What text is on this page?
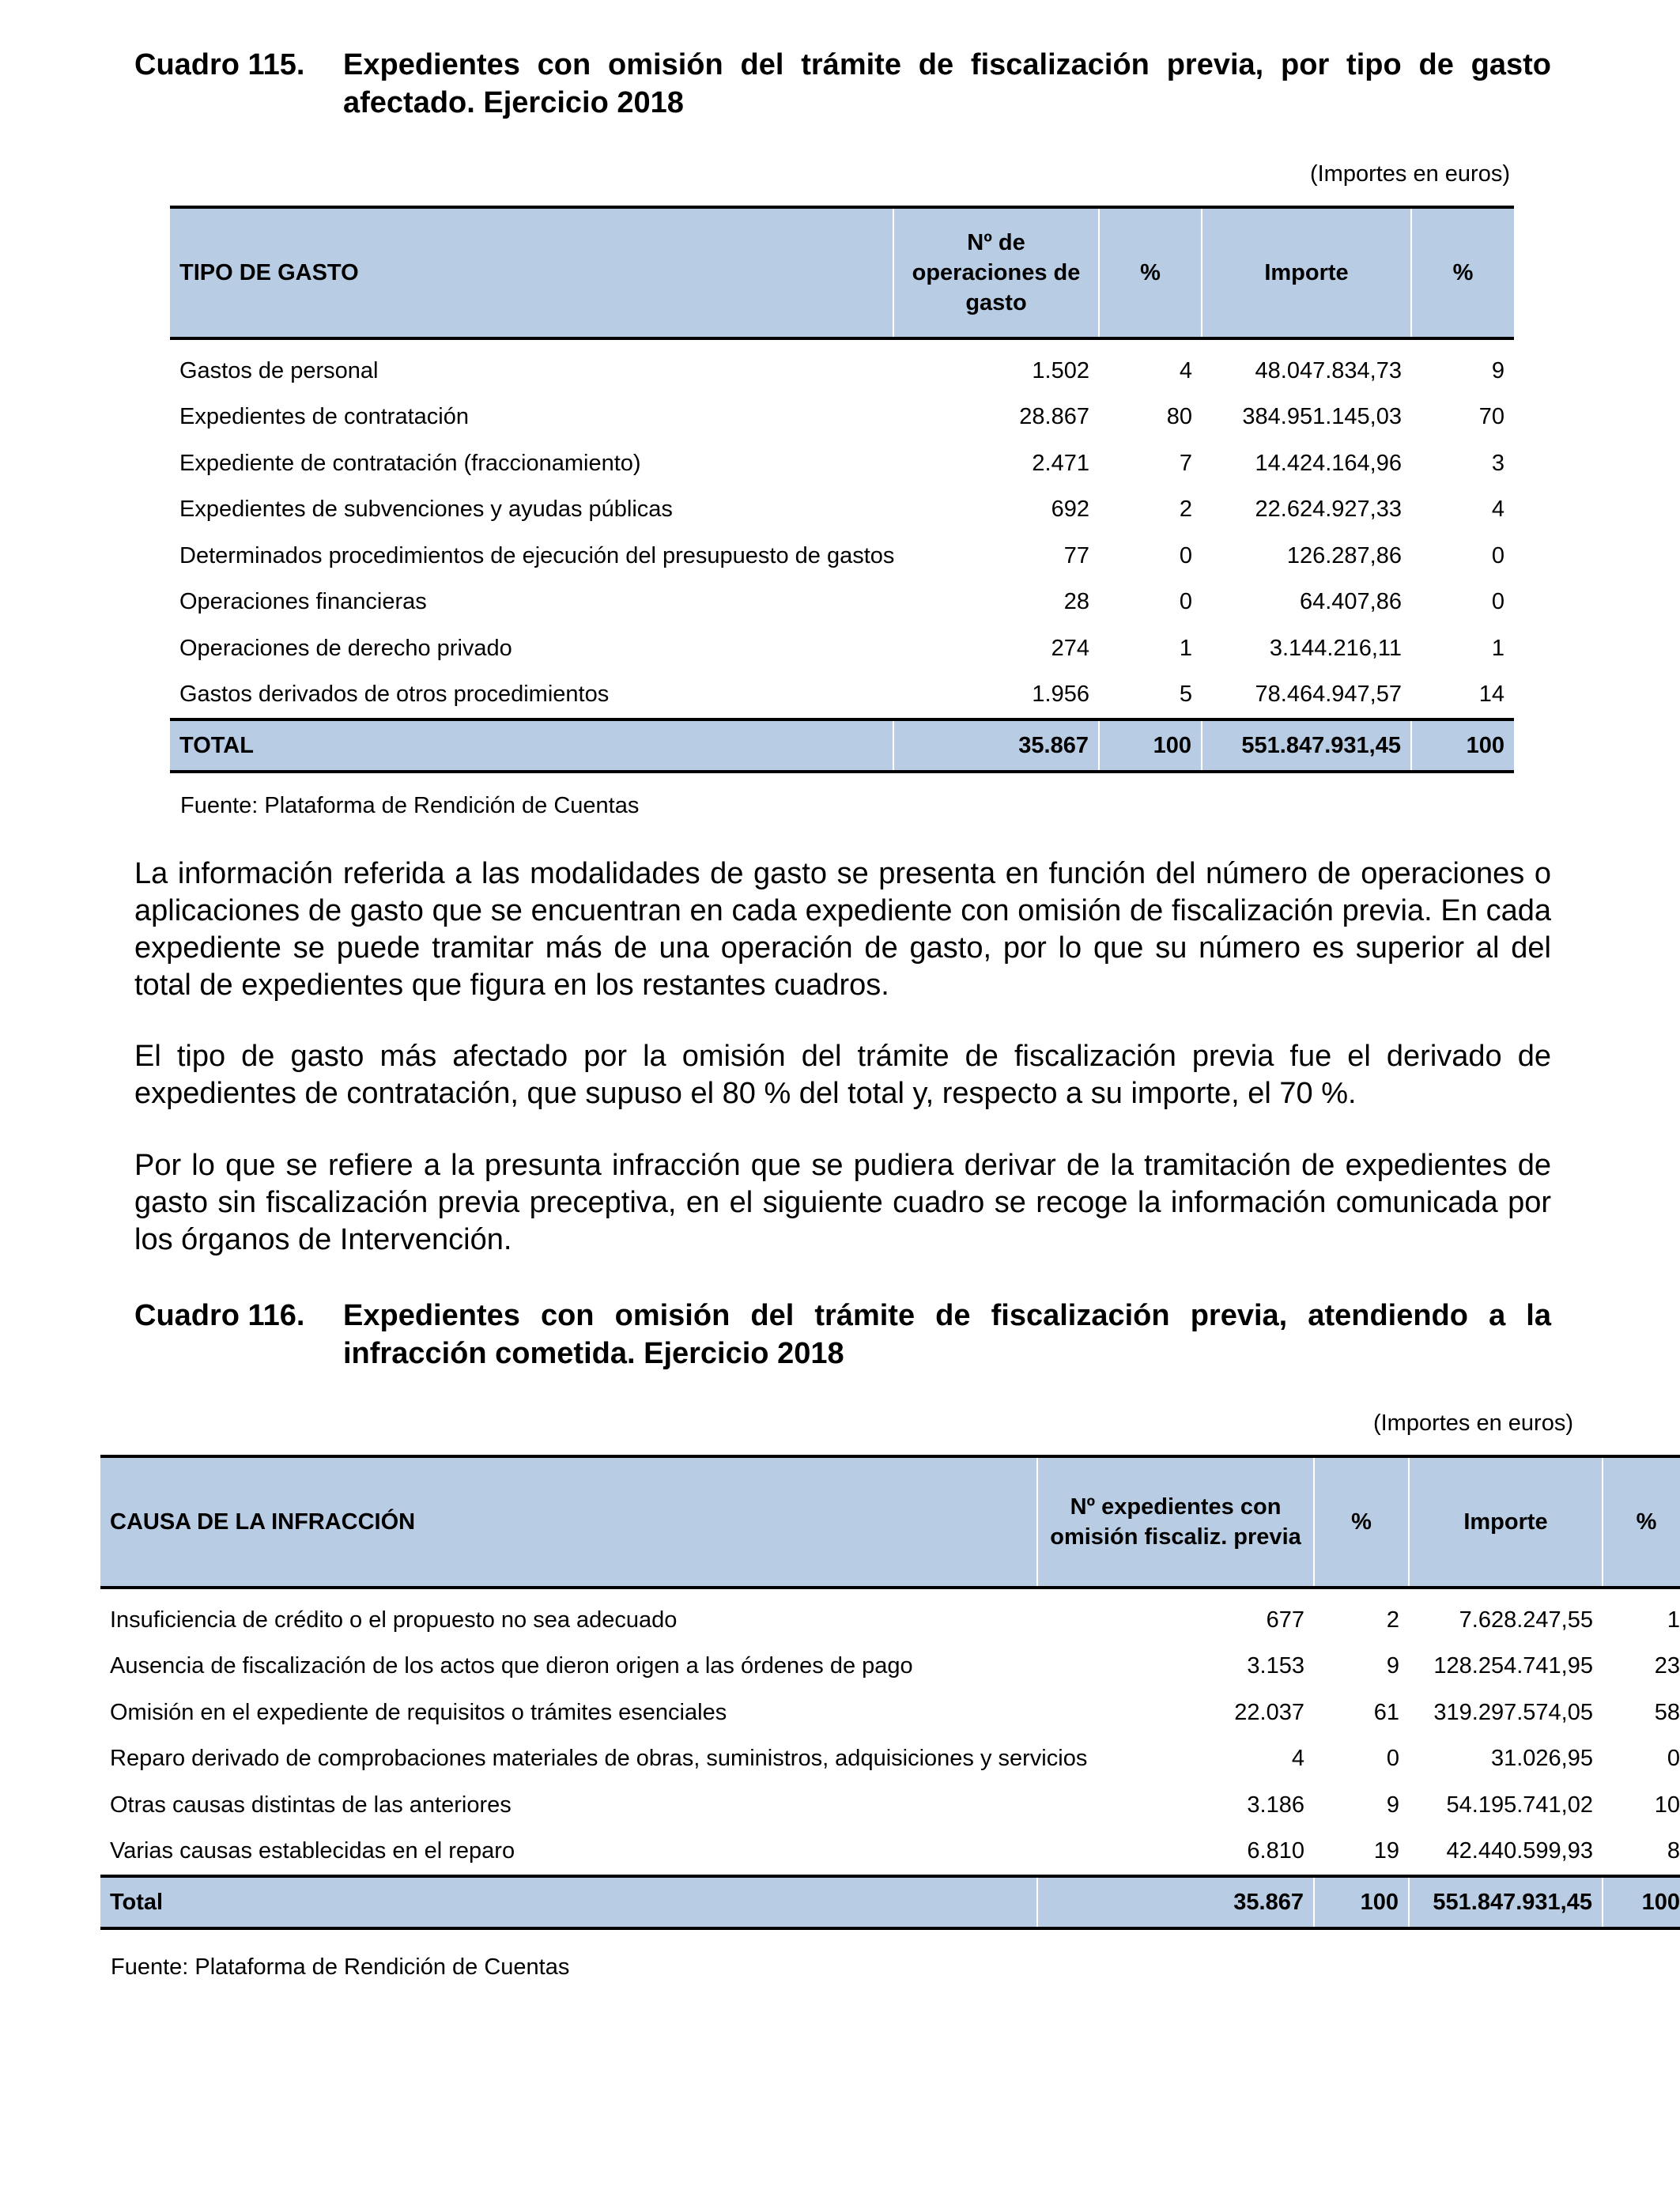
Cuadro 115.	Expedientes con omisión del trámite de fiscalización previa, por tipo de gasto afectado. Ejercicio 2018
(Importes en euros)
TIPO DE GASTO	Nº de operaciones de gasto	%	Importe	%
Gastos de personal	1.502	4	48.047.834,73	9
Expedientes de contratación	28.867	80	384.951.145,03	70
Expediente de contratación (fraccionamiento)	2.471	7	14.424.164,96	3
Expedientes de subvenciones y ayudas públicas	692	2	22.624.927,33	4
Determinados procedimientos de ejecución del presupuesto de gastos	77	0	126.287,86	0
Operaciones financieras	28	0	64.407,86	0
Operaciones de derecho privado	274	1	3.144.216,11	1
Gastos derivados de otros procedimientos	1.956	5	78.464.947,57	14
TOTAL	35.867	100	551.847.931,45	100
Fuente: Plataforma de Rendición de Cuentas
La información referida a las modalidades de gasto se presenta en función del número de operaciones o aplicaciones de gasto que se encuentran en cada expediente con omisión de fiscalización previa. En cada expediente se puede tramitar más de una operación de gasto, por lo que su número es superior al del total de expedientes que figura en los restantes cuadros.
El tipo de gasto más afectado por la omisión del trámite de fiscalización previa fue el derivado de expedientes de contratación, que supuso el 80 % del total y, respecto a su importe, el 70 %.
Por lo que se refiere a la presunta infracción que se pudiera derivar de la tramitación de expedientes de gasto sin fiscalización previa preceptiva, en el siguiente cuadro se recoge la información comunicada por los órganos de Intervención.
Cuadro 116.	Expedientes con omisión del trámite de fiscalización previa, atendiendo a la infracción cometida. Ejercicio 2018
(Importes en euros)
CAUSA DE LA INFRACCIÓN	Nº expedientes con omisión fiscaliz. previa	%	Importe	%
Insuficiencia de crédito o el propuesto no sea adecuado	677	2	7.628.247,55	1
Ausencia de fiscalización de los actos que dieron origen a las órdenes de pago	3.153	9	128.254.741,95	23
Omisión en el expediente de requisitos o trámites esenciales	22.037	61	319.297.574,05	58
Reparo derivado de comprobaciones materiales de obras, suministros, adquisiciones y servicios	4	0	31.026,95	0
Otras causas distintas de las anteriores	3.186	9	54.195.741,02	10
Varias causas establecidas en el reparo	6.810	19	42.440.599,93	8
Total	35.867	100	551.847.931,45	100
Fuente: Plataforma de Rendición de Cuentas
